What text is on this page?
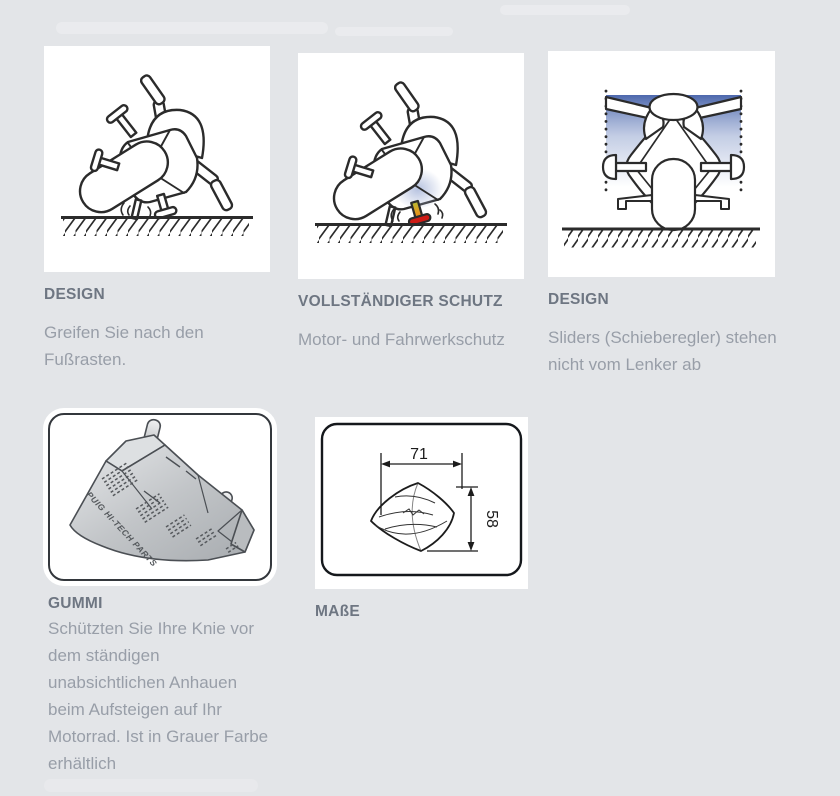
DESIGN

Greifen Sie nach den Fußrasten.

VOLLSTÄNDIGER SCHUTZ

Motor- und Fahrwerkschutz

DESIGN

Sliders (Schieberegler) stehen nicht vom Lenker ab

PUIG HI-TECH PARTS
GUMMI

Schützten Sie Ihre Knie vor dem ständigen unabsichtlichen Anhauen beim Aufsteigen auf Ihr Motorrad. Ist in Grauer Farbe erhältlich

71
58
MAßE
